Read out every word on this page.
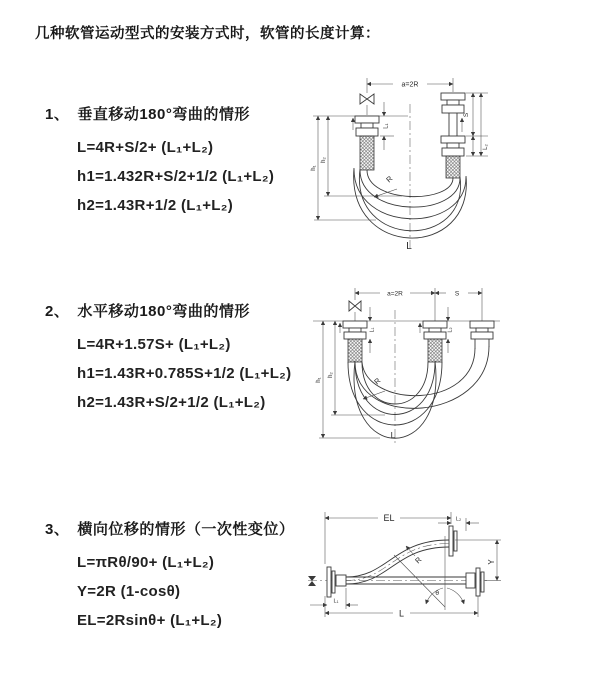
几种软管运动型式的安装方式时，软管的长度计算：
1、 垂直移动180°弯曲的情形
L=4R+S/2+ (L₁+L₂)
h1=1.432R+S/2+1/2 (L₁+L₂)
h2=1.43R+1/2 (L₁+L₂)
2、 水平移动180°弯曲的情形
L=4R+1.57S+ (L₁+L₂)
h1=1.43R+0.785S+1/2 (L₁+L₂)
h2=1.43R+S/2+1/2 (L₁+L₂)
3、 横向位移的情形（一次性变位）
L=πRθ/90+ (L₁+L₂)
Y=2R (1-cosθ)
EL=2Rsinθ+ (L₁+L₂)
a=2R
L₁
h₁
h₂
S
L₂
R
L
a=2R	S
L₁	L₂
h₁
h₂
R
L
EL	L₂
θ
R	Y
L₁
L
